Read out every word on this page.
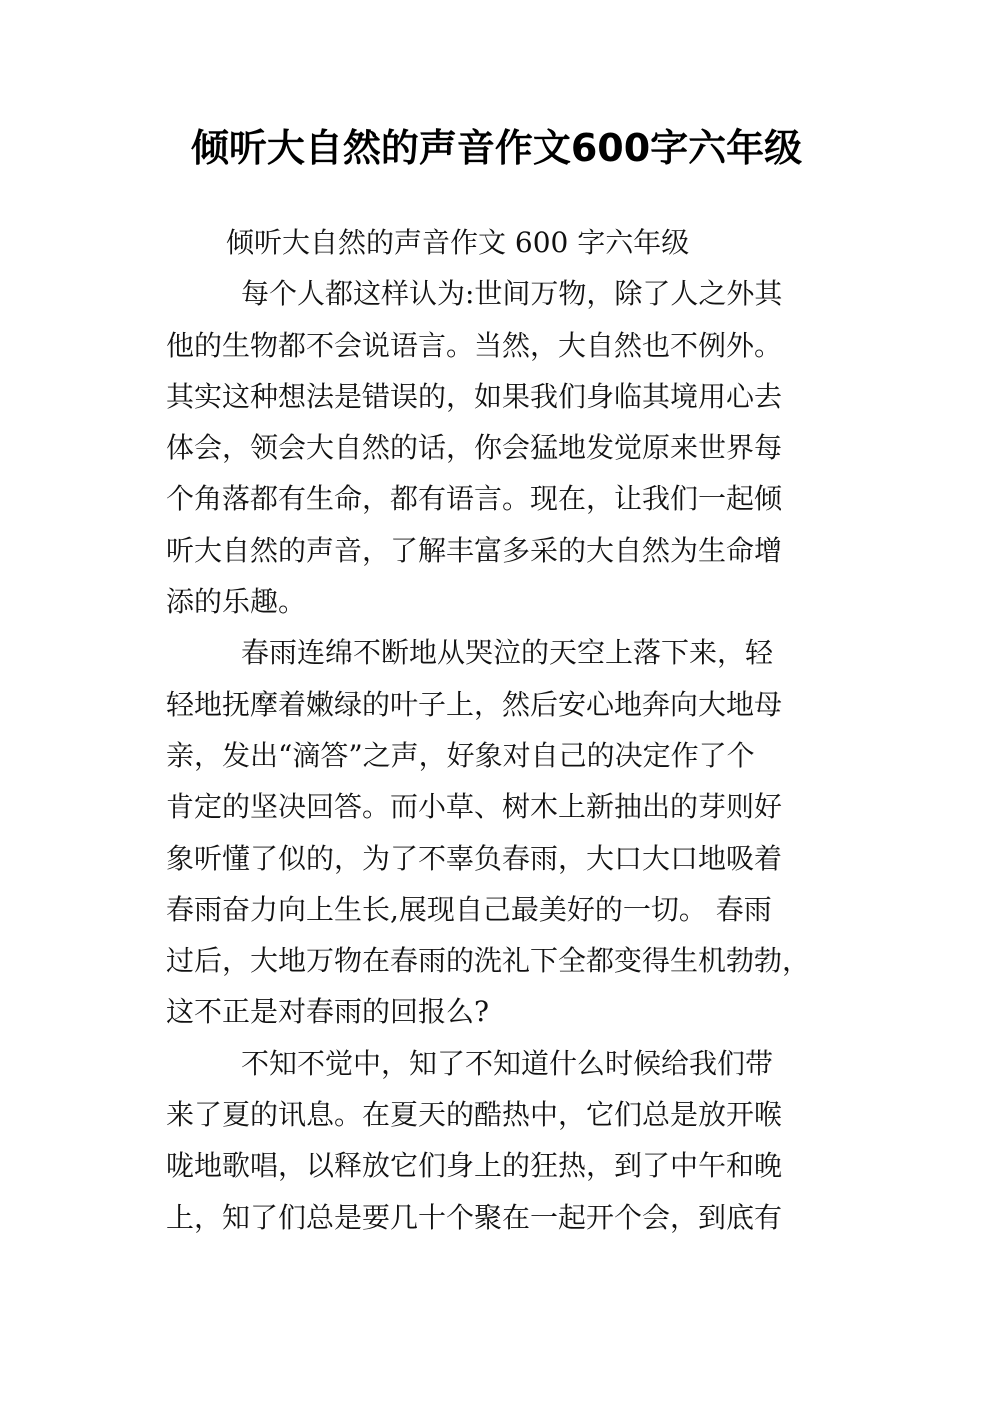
倾听大自然的声音作文600字六年级

倾听大自然的声音作文 600 字六年级

每个人都这样认为:世间万物，除了人之外其
他的生物都不会说语言。当然，大自然也不例外。
其实这种想法是错误的，如果我们身临其境用心去
体会，领会大自然的话，你会猛地发觉原来世界每
个角落都有生命，都有语言。现在，让我们一起倾
听大自然的声音，了解丰富多采的大自然为生命增
添的乐趣。
春雨连绵不断地从哭泣的天空上落下来，轻
轻地抚摩着嫩绿的叶子上，然后安心地奔向大地母
亲，发出“滴答”之声，好象对自己的决定作了个
肯定的坚决回答。而小草、树木上新抽出的芽则好
象听懂了似的，为了不辜负春雨，大口大口地吸着
春雨奋力向上生长,展现自己最美好的一切。 春雨
过后，大地万物在春雨的洗礼下全都变得生机勃勃，
这不正是对春雨的回报么?
不知不觉中，知了不知道什么时候给我们带
来了夏的讯息。在夏天的酷热中，它们总是放开喉
咙地歌唱，以释放它们身上的狂热，到了中午和晚
上，知了们总是要几十个聚在一起开个会，到底有
